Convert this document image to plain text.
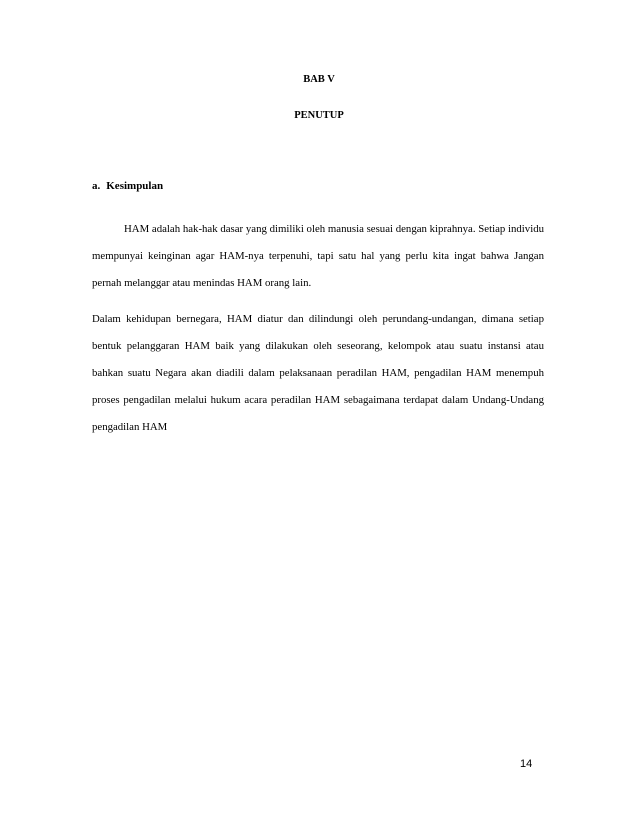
BAB V
PENUTUP
a. Kesimpulan

HAM adalah hak-hak dasar yang dimiliki oleh manusia sesuai dengan kiprahnya. Setiap individu mempunyai keinginan agar HAM-nya terpenuhi, tapi satu hal yang perlu kita ingat bahwa Jangan pernah melanggar atau menindas HAM orang lain.

Dalam kehidupan bernegara, HAM diatur dan dilindungi oleh perundang-undangan, dimana setiap bentuk pelanggaran HAM baik yang dilakukan oleh seseorang, kelompok atau suatu instansi atau bahkan suatu Negara akan diadili dalam pelaksanaan peradilan HAM, pengadilan HAM menempuh proses pengadilan melalui hukum acara peradilan HAM sebagaimana terdapat dalam Undang-Undang pengadilan HAM

14
